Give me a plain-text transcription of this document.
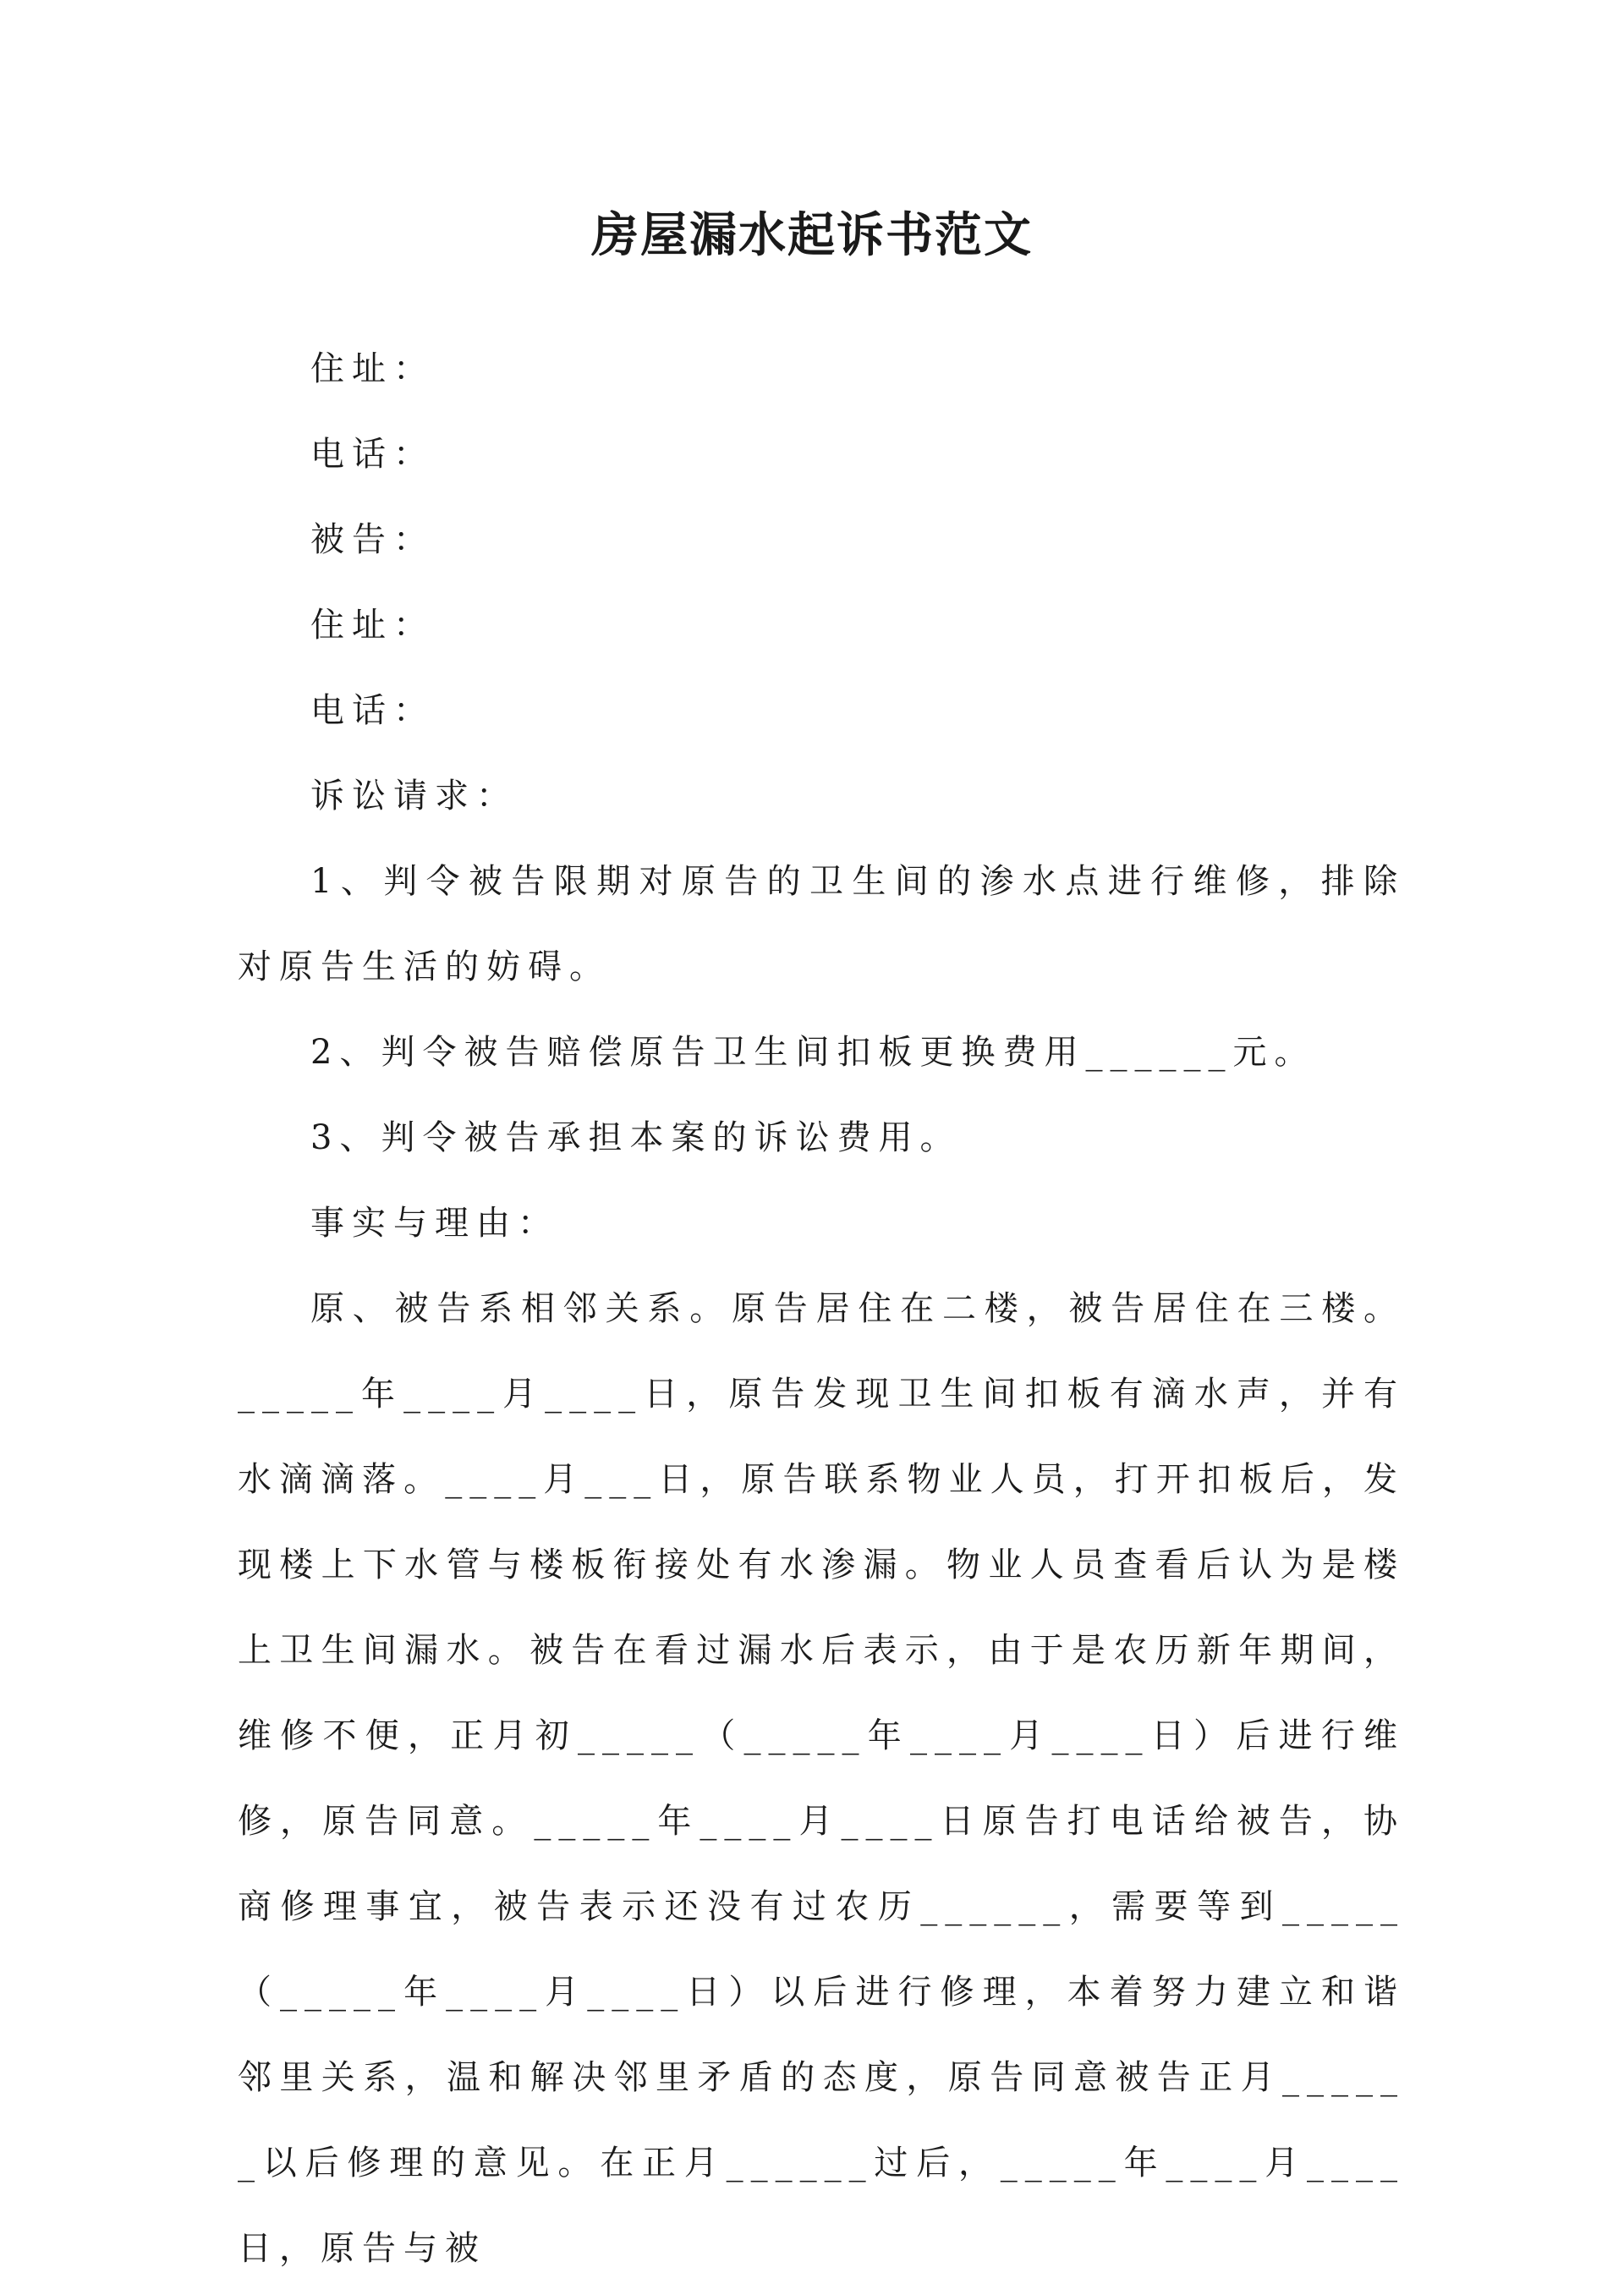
房屋漏水起诉书范文

住址：

电话：

被告：

住址：

电话：

诉讼请求：

1、判令被告限期对原告的卫生间的渗水点进行维修，排除对原告生活的妨碍。

2、判令被告赔偿原告卫生间扣板更换费用______元。

3、判令被告承担本案的诉讼费用。

事实与理由：

原、被告系相邻关系。原告居住在二楼，被告居住在三楼。_____年____月____日，原告发现卫生间扣板有滴水声，并有水滴滴落。____月___日，原告联系物业人员，打开扣板后，发现楼上下水管与楼板衔接处有水渗漏。物业人员查看后认为是楼上卫生间漏水。被告在看过漏水后表示，由于是农历新年期间，维修不便，正月初_____（_____年____月____日）后进行维修，原告同意。_____年____月____日原告打电话给被告，协商修理事宜，被告表示还没有过农历______，需要等到_____（_____年____月____日）以后进行修理，本着努力建立和谐邻里关系，温和解决邻里矛盾的态度，原告同意被告正月______以后修理的意见。在正月______过后，_____年____月____日，原告与被
